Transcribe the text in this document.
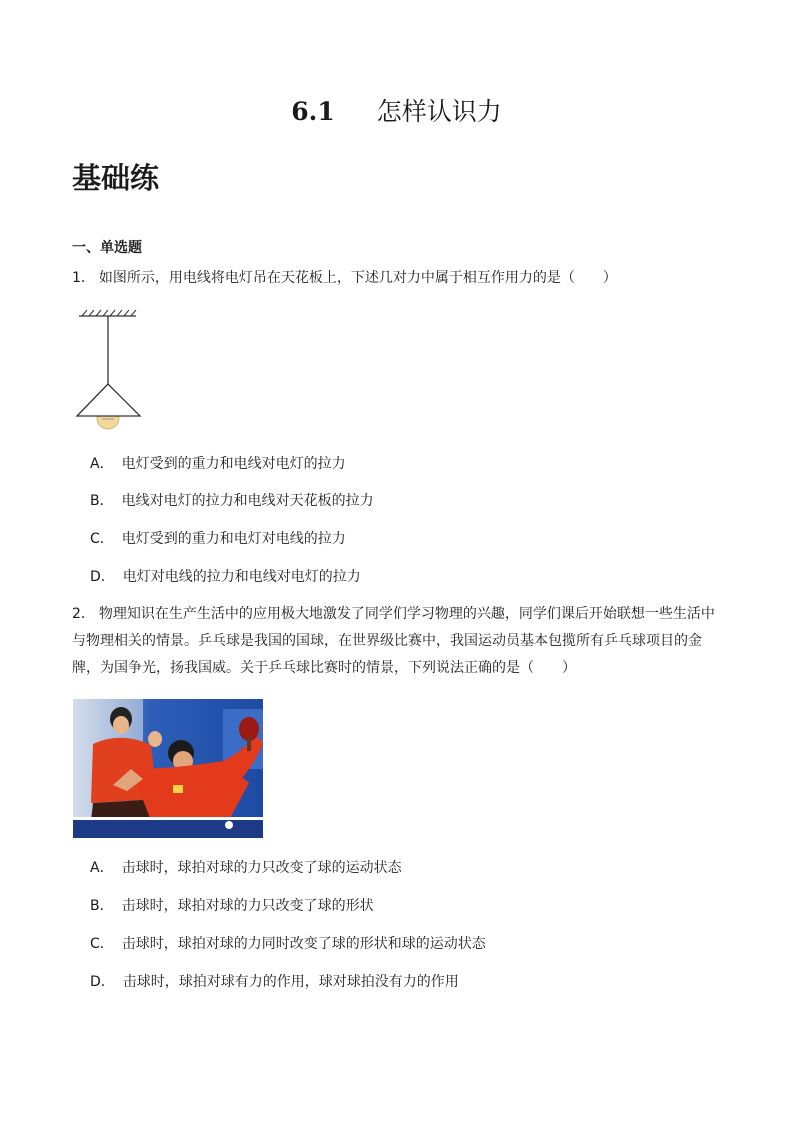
6.1 怎样认识力
基础练
一、单选题
1． 如图所示，用电线将电灯吊在天花板上，下述几对力中属于相互作用力的是（　　）
A． 电灯受到的重力和电线对电灯的拉力
B． 电线对电灯的拉力和电线对天花板的拉力
C． 电灯受到的重力和电灯对电线的拉力
D． 电灯对电线的拉力和电线对电灯的拉力
2． 物理知识在生产生活中的应用极大地激发了同学们学习物理的兴趣，同学们课后开始联想一些生活中与物理相关的情景。乒乓球是我国的国球，在世界级比赛中，我国运动员基本包揽所有乒乓球项目的金牌，为国争光，扬我国威。关于乒乓球比赛时的情景，下列说法正确的是（　　）
A． 击球时，球拍对球的力只改变了球的运动状态
B． 击球时，球拍对球的力只改变了球的形状
C． 击球时，球拍对球的力同时改变了球的形状和球的运动状态
D． 击球时，球拍对球有力的作用，球对球拍没有力的作用
